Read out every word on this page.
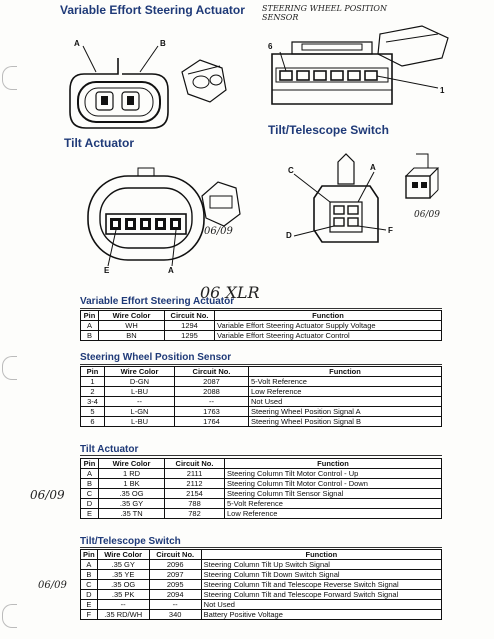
Variable Effort Steering Actuator STEERING WHEEL POSITION
SENSOR
Tilt Actuator
Tilt/Telescope Switch
A	B	6
1
E	A
06/09
C	A
D
F
06/09
06 XLR
Variable Effort Steering Actuator
Pin	Wire Color	Circuit No.	Function
A	WH	1294	Variable Effort Steering Actuator Supply Voltage
B	BN	1295	Variable Effort Steering Actuator Control
Steering Wheel Position Sensor
Pin	Wire Color	Circuit No.	Function
1	D-GN	2087	5-Volt Reference
2	L-BU	2088	Low Reference
3-4	--	--	Not Used
5	L-GN	1763	Steering Wheel Position Signal A
6	L-BU	1764	Steering Wheel Position Signal B
Tilt Actuator
06/09
Pin	Wire Color	Circuit No.	Function
A	1 RD	2111	Steering Column Tilt Motor Control - Up
B	1 BK	2112	Steering Column Tilt Motor Control - Down
C	.35 OG	2154	Steering Column Tilt Sensor Signal
D	.35 GY	788	5-Volt Reference
E	.35 TN	782	Low Reference
Tilt/Telescope Switch
06/09
Pin	Wire Color	Circuit No.	Function
A	.35 GY	2096	Steering Column Tilt Up Switch Signal
B	.35 YE	2097	Steering Column Tilt Down Switch Signal
C	.35 OG	2095	Steering Column Tilt and Telescope Reverse Switch Signal
D	.35 PK	2094	Steering Column Tilt and Telescope Forward Switch Signal
E	--	--	Not Used
F	.35 RD/WH	340	Battery Positive Voltage
